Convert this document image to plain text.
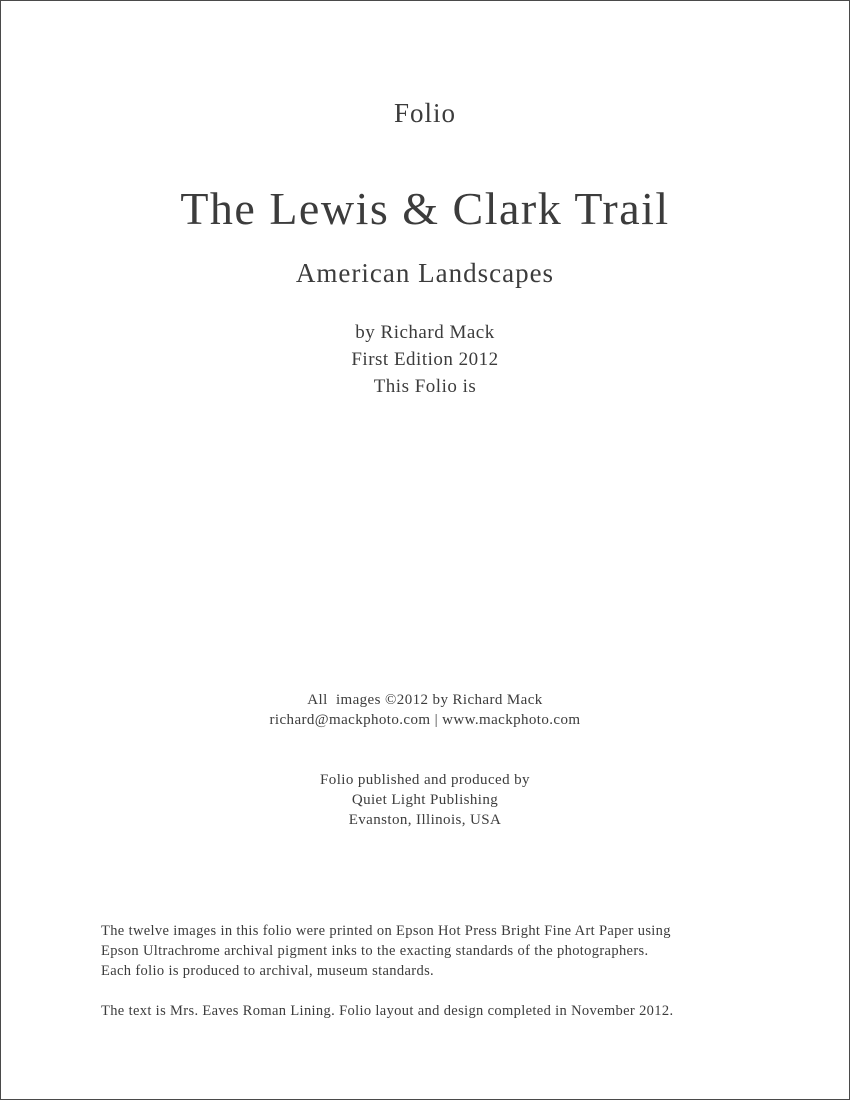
Folio
The Lewis & Clark Trail
American Landscapes
by Richard Mack
First Edition 2012
This Folio is
All  images ©2012 by Richard Mack
richard@mackphoto.com | www.mackphoto.com
Folio published and produced by
Quiet Light Publishing
Evanston, Illinois, USA
The twelve images in this folio were printed on Epson Hot Press Bright Fine Art Paper using
Epson Ultrachrome archival pigment inks to the exacting standards of the photographers.
Each folio is produced to archival, museum standards.
The text is Mrs. Eaves Roman Lining. Folio layout and design completed in November 2012.
